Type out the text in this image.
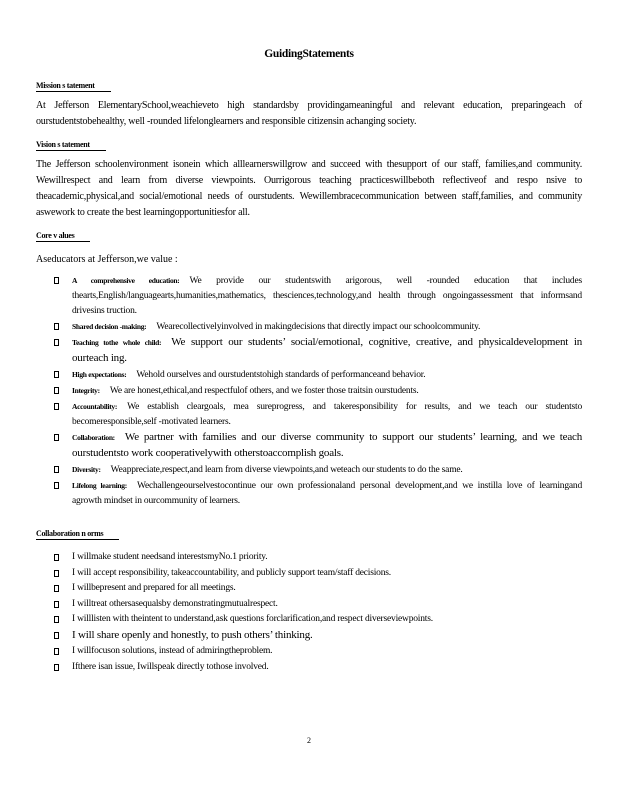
GuidingStatements
Mission s tatement

At Jefferson ElementarySchool,weachieveto high standardsby providingameaningful and relevant education, preparingeach of ourstudentstobehealthy, well -rounded lifelonglearners and responsible citizensin achanging society.

Vision s tatement

The Jefferson schoolenvironment isonein which alllearnerswillgrow and succeed with thesupport of our staff, families,and community. Wewillrespect and learn from diverse viewpoints. Ourrigorous teaching practiceswillbeboth reflectiveof and respo nsive to theacademic,physical,and social/emotional needs of ourstudents. Wewillembracecommunication between staff,families, and community aswework to create the best learningopportunitiesfor all.

Core v alues
Aseducators at Jefferson,we value :
A comprehensive education: We provide our studentswith arigorous, well -rounded education that includes thearts,English/languagearts,humanities,mathematics, thesciences,technology,and health through ongoingassessment that informsand drivesins truction.
Shared decision -making: Wearecollectivelyinvolved in makingdecisions that directly impact our schoolcommunity.
Teaching tothe whole child: We support our students’ social/emotional, cognitive, creative, and physicaldevelopment in ourteach ing.
High expectations: Wehold ourselves and ourstudentstohigh standards of performanceand behavior.
Integrity: We are honest,ethical,and respectfulof others, and we foster those traitsin ourstudents.
Accountability: We establish cleargoals, mea sureprogress, and takeresponsibility for results, and we teach our studentsto becomeresponsible,self -motivated learners.
Collaboration: We partner with families and our diverse community to support our students’ learning, and we teach ourstudentsto work cooperativelywith otherstoaccomplish goals.
Diversity: Weappreciate,respect,and learn from diverse viewpoints,and weteach our students to do the same.
Lifelong learning: Wechallengeourselvestocontinue our own professionaland personal development,and we instilla love of learningand agrowth mindset in ourcommunity of learners.
Collaboration n orms
I willmake student needsand interestsmyNo.1 priority.
I will accept responsibility, takeaccountability, and publicly support team/staff decisions.
I willbepresent and prepared for all meetings.
I willtreat othersasequalsby demonstratingmutualrespect.
I willlisten with theintent to understand,ask questions forclarification,and respect diverseviewpoints.
I will share openly and honestly, to push others’ thinking.
I willfocuson solutions, instead of admiringtheproblem.
Ifthere isan issue, Iwillspeak directly tothose involved.
2
